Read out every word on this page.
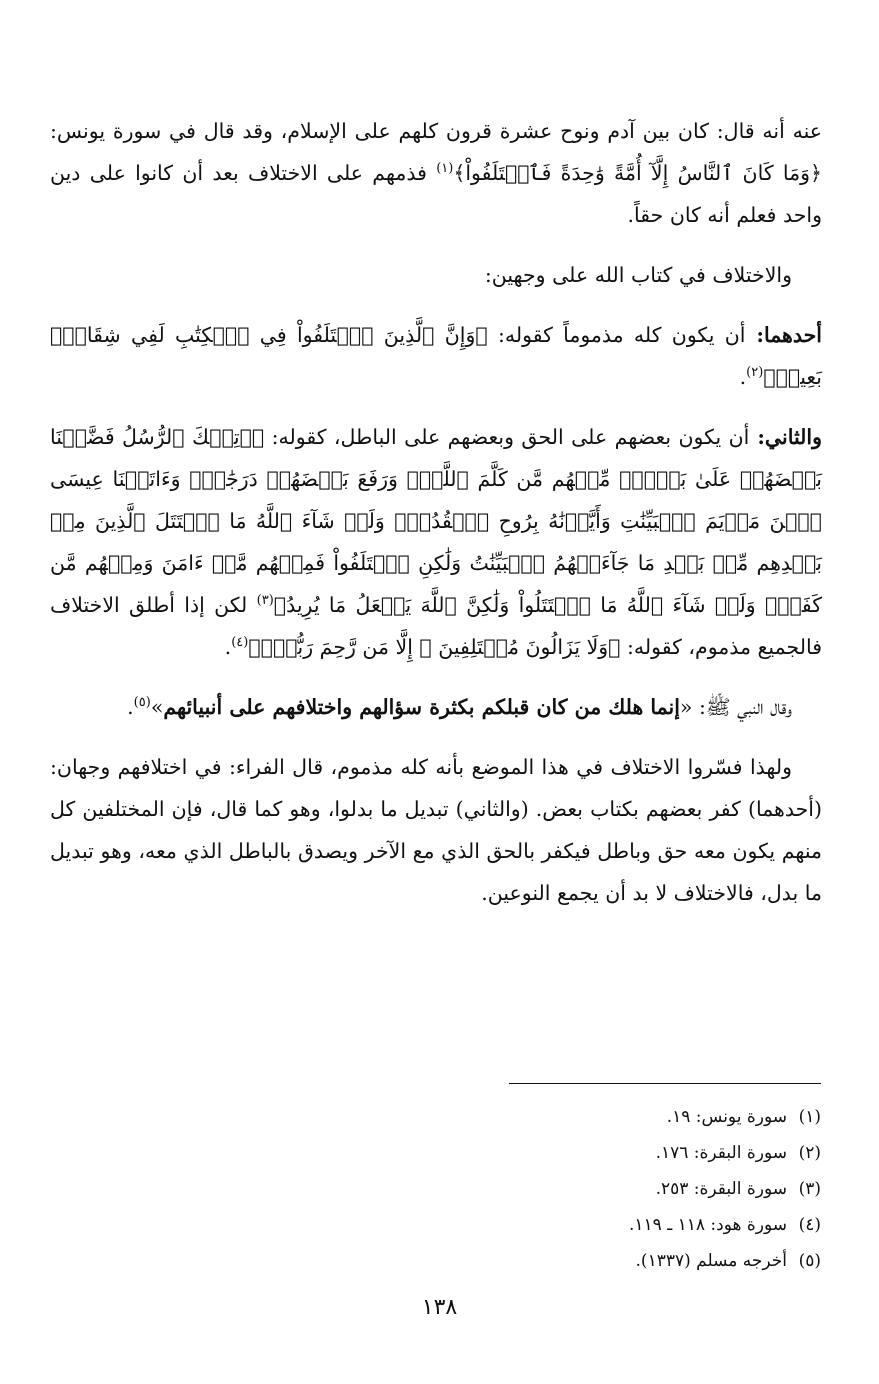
عنه أنه قال: كان بين آدم ونوح عشرة قرون كلهم على الإسلام، وقد قال في سورة يونس: ﴿وَمَا كَانَ ٱلنَّاسُ إِلَّآ أُمَّةً وَٰحِدَةً فَٱخۡتَلَفُواْ﴾$^{(١)}$ فذمهم على الاختلاف بعد أن كانوا على دين واحد فعلم أنه كان حقاً.

والاختلاف في كتاب الله على وجهين:

أحدهما: أن يكون كله مذموماً كقوله: ﴿وَإِنَّ ٱلَّذِينَ ٱخۡتَلَفُواْ فِي ٱلۡكِتَٰبِ لَفِي شِقَاقِۢ بَعِيدٖ﴾$^{(٢)}$.

والثاني: أن يكون بعضهم على الحق وبعضهم على الباطل، كقوله: ﴿۞تِلۡكَ ٱلرُّسُلُ فَضَّلۡنَا بَعۡضَهُمۡ عَلَىٰ بَعۡضٖۘ مِّنۡهُم مَّن كَلَّمَ ٱللَّهُۖ وَرَفَعَ بَعۡضَهُمۡ دَرَجَٰتٖۚ وَءَاتَيۡنَا عِيسَى ٱبۡنَ مَرۡيَمَ ٱلۡبَيِّنَٰتِ وَأَيَّدۡنَٰهُ بِرُوحِ ٱلۡقُدُسِۗ وَلَوۡ شَآءَ ٱللَّهُ مَا ٱقۡتَتَلَ ٱلَّذِينَ مِنۢ بَعۡدِهِم مِّنۢ بَعۡدِ مَا جَآءَتۡهُمُ ٱلۡبَيِّنَٰتُ وَلَٰكِنِ ٱخۡتَلَفُواْ فَمِنۡهُم مَّنۡ ءَامَنَ وَمِنۡهُم مَّن كَفَرَۚ وَلَوۡ شَآءَ ٱللَّهُ مَا ٱقۡتَتَلُواْ وَلَٰكِنَّ ٱللَّهَ يَفۡعَلُ مَا يُرِيدُ﴾$^{(٣)}$ لكن إذا أطلق الاختلاف فالجميع مذموم، كقوله: ﴿وَلَا يَزَالُونَ مُخۡتَلِفِينَ ۞ إِلَّا مَن رَّحِمَ رَبُّكَۚ﴾$^{(٤)}$.

وقال النبي ﷺ: «إنما هلك من كان قبلكم بكثرة سؤالهم واختلافهم على أنبيائهم»$^{(٥)}$.

ولهذا فسّروا الاختلاف في هذا الموضع بأنه كله مذموم، قال الفراء: في اختلافهم وجهان: (أحدهما) كفر بعضهم بكتاب بعض. (والثاني) تبديل ما بدلوا، وهو كما قال، فإن المختلفين كل منهم يكون معه حق وباطل فيكفر بالحق الذي مع الآخر ويصدق بالباطل الذي معه، وهو تبديل ما بدل، فالاختلاف لا بد أن يجمع النوعين.

(١)سورة يونس: ١٩.
(٢)سورة البقرة: ١٧٦.
(٣)سورة البقرة: ٢٥٣.
(٤)سورة هود: ١١٨ ـ ١١٩.
(٥)أخرجه مسلم (١٣٣٧).
١٣٨
